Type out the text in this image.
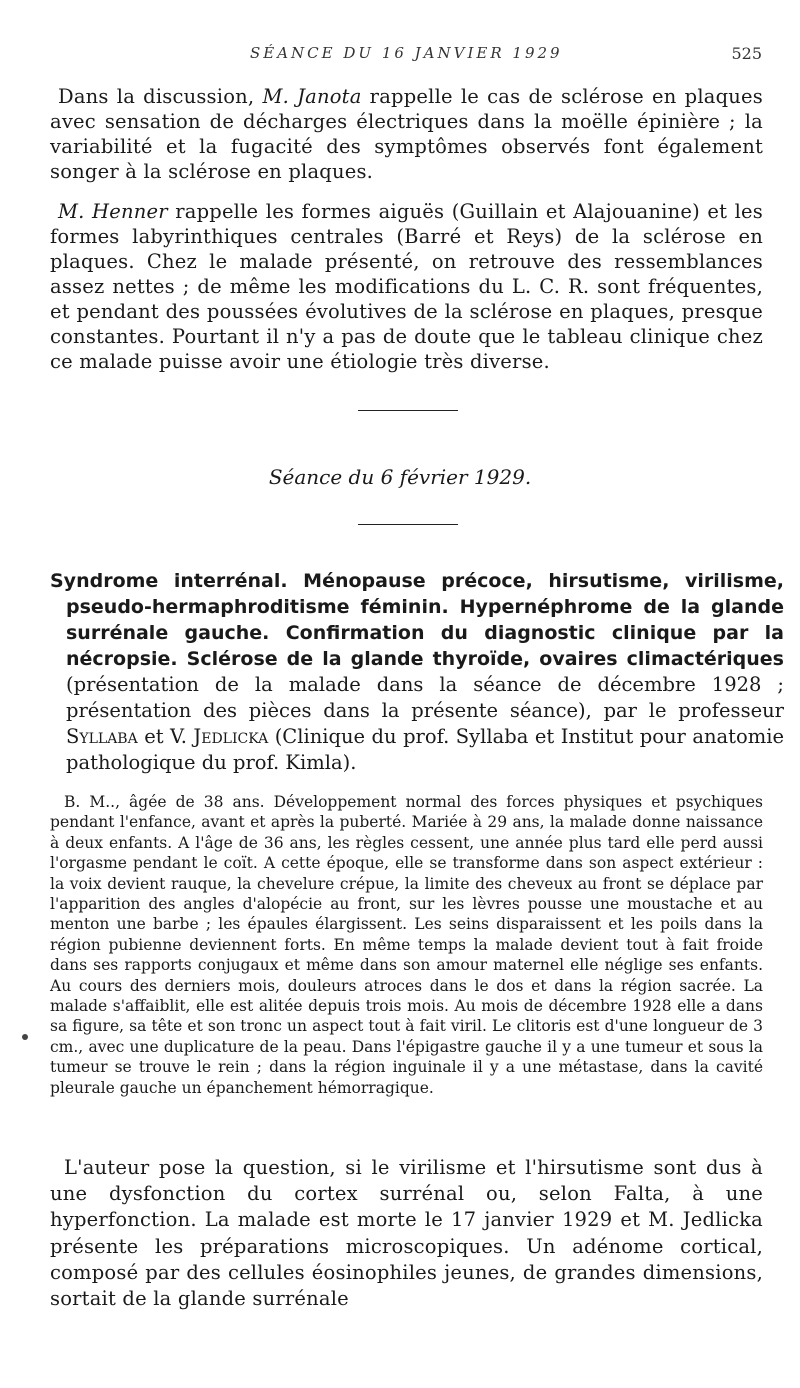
SÉANCE DU 16 JANVIER 1929	525

Dans la discussion, M. Janota rappelle le cas de sclérose en plaques avec sensation de décharges électriques dans la moëlle épinière ; la variabilité et la fugacité des symptômes observés font également songer à la sclérose en plaques.

M. Henner rappelle les formes aiguës (Guillain et Alajouanine) et les formes labyrinthiques centrales (Barré et Reys) de la sclérose en plaques. Chez le malade présenté, on retrouve des ressemblances assez nettes ; de même les modifications du L. C. R. sont fréquentes, et pendant des poussées évolutives de la sclérose en plaques, presque constantes. Pourtant il n'y a pas de doute que le tableau clinique chez ce malade puisse avoir une étiologie très diverse.

Séance du 6 février 1929.

Syndrome interrénal. Ménopause précoce, hirsutisme, virilisme, pseudo-hermaphroditisme féminin. Hypernéphrome de la glande surrénale gauche. Confirmation du diagnostic clinique par la nécropsie. Sclérose de la glande thyroïde, ovaires climactériques (présentation de la malade dans la séance de décembre 1928 ; présentation des pièces dans la présente séance), par le professeur Syllaba et V. Jedlicka (Clinique du prof. Syllaba et Institut pour anatomie pathologique du prof. Kimla).

B. M.., âgée de 38 ans. Développement normal des forces physiques et psychiques pendant l'enfance, avant et après la puberté. Mariée à 29 ans, la malade donne naissance à deux enfants. A l'âge de 36 ans, les règles cessent, une année plus tard elle perd aussi l'orgasme pendant le coït. A cette époque, elle se transforme dans son aspect extérieur : la voix devient rauque, la chevelure crépue, la limite des cheveux au front se déplace par l'apparition des angles d'alopécie au front, sur les lèvres pousse une moustache et au menton une barbe ; les épaules élargissent. Les seins disparaissent et les poils dans la région pubienne deviennent forts. En même temps la malade devient tout à fait froide dans ses rapports conjugaux et même dans son amour maternel elle néglige ses enfants. Au cours des derniers mois, douleurs atroces dans le dos et dans la région sacrée. La malade s'affaiblit, elle est alitée depuis trois mois. Au mois de décembre 1928 elle a dans sa figure, sa tête et son tronc un aspect tout à fait viril. Le clitoris est d'une longueur de 3 cm., avec une duplicature de la peau. Dans l'épigastre gauche il y a une tumeur et sous la tumeur se trouve le rein ; dans la région inguinale il y a une métastase, dans la cavité pleurale gauche un épanchement hémorragique.

L'auteur pose la question, si le virilisme et l'hirsutisme sont dus à une dysfonction du cortex surrénal ou, selon Falta, à une hyperfonction. La malade est morte le 17 janvier 1929 et M. Jedlicka présente les préparations microscopiques. Un adénome cortical, composé par des cellules éosinophiles jeunes, de grandes dimensions, sortait de la glande surrénale
